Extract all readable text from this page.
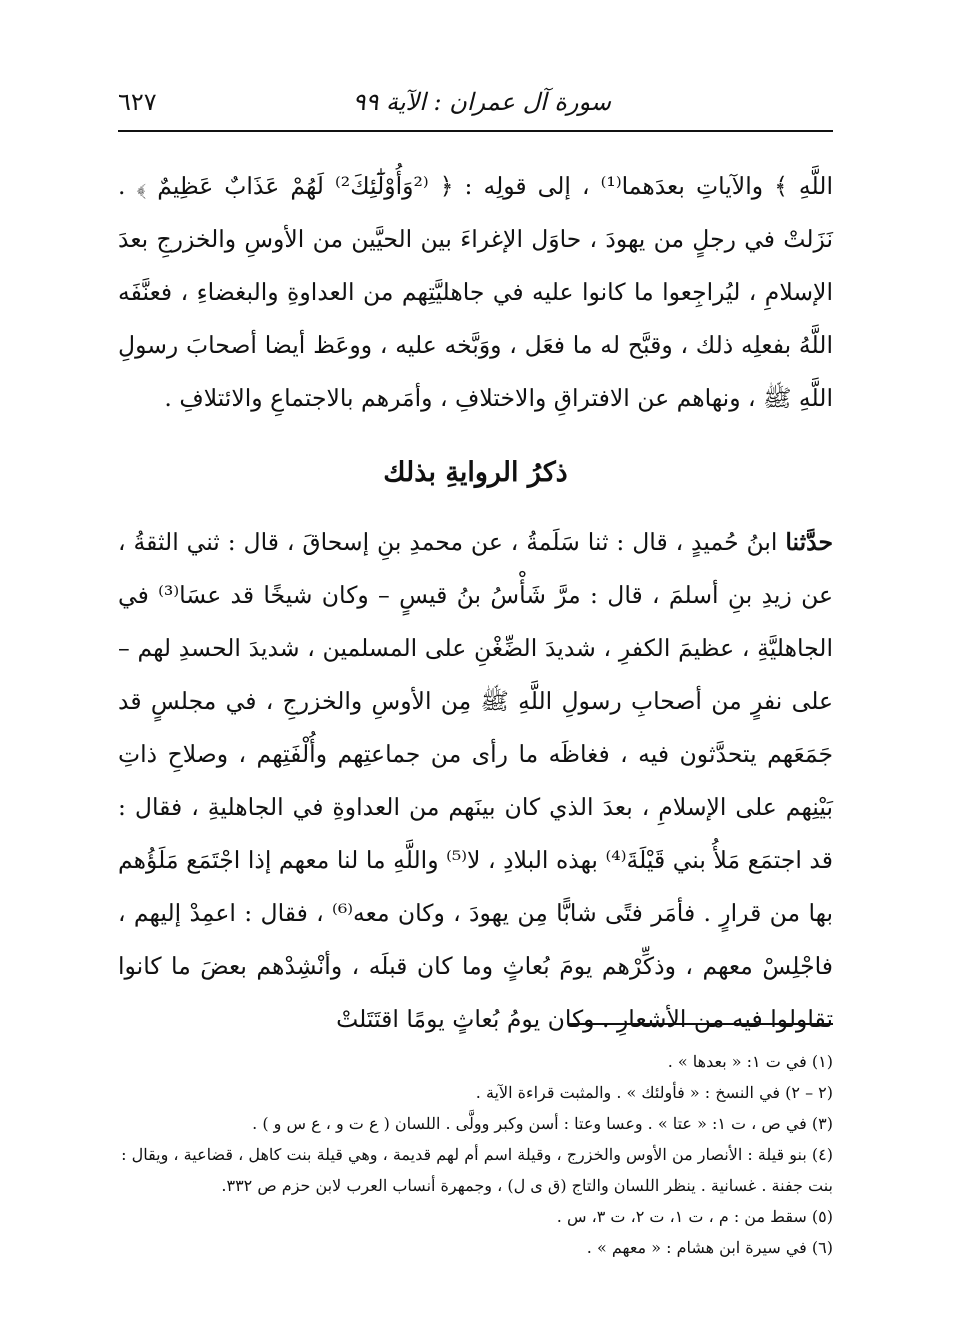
٦٢٧	سورة آل عمران : الآية ٩٩

اللَّهِ ﴾ والآياتِ بعدَهما⁽¹⁾ ، إلى قولِه : ﴿ ⁽²وَأُوْلَٰٓئِكَ²⁾ لَهُمْ عَذَابٌ عَظِيمٌ ﴾ . نَزَلتْ في رجلٍ من يهودَ ، حاوَل الإغراءَ بين الحيَّين من الأوسِ والخزرجِ بعدَ الإسلامِ ، ليُراجِعوا ما كانوا عليه في جاهليَّتِهم من العداوةِ والبغضاءِ ، فعنَّفَه اللَّهُ بفعلِه ذلك ، وقبَّح له ما فعَل ، ووَبَّخه عليه ، ووعَظ أيضا أصحابَ رسولِ اللَّهِ ﷺ ، ونهاهم عن الافتراقِ والاختلافِ ، وأمَرهم بالاجتماعِ والائتلافِ .

ذكرُ الروايةِ بذلك

حدَّثنا ابنُ حُميدٍ ، قال : ثنا سَلَمةُ ، عن محمدِ بنِ إسحاقَ ، قال : ثني الثقةُ ، عن زيدِ بنِ أسلمَ ، قال : مرَّ شَأْسُ بنُ قيسٍ – وكان شيخًا قد عسَا⁽³⁾ في الجاهليَّةِ ، عظيمَ الكفرِ ، شديدَ الضِّغْنِ على المسلمين ، شديدَ الحسدِ لهم – على نفرٍ من أصحابِ رسولِ اللَّهِ ﷺ مِن الأوسِ والخزرجِ ، في مجلسٍ قد جَمَعَهم يتحدَّثون فيه ، فغاظَه ما رأى من جماعتِهم وأُلْفَتِهم ، وصلاحِ ذاتِ بَيْنِهم على الإسلامِ ، بعدَ الذي كان بينَهم من العداوةِ في الجاهليةِ ، فقال : قد اجتمَع مَلأُ بني قَيْلَةَ⁽⁴⁾ بهذه البلادِ ، لا⁽⁵⁾ واللَّهِ ما لنا معهم إذا اجْتَمَع مَلَؤُهم بها من قرارٍ . فأمَر فتًى شابًّا مِن يهودَ ، وكان معه⁽⁶⁾ ، فقال : اعمِدْ إليهم ، فاجْلِسْ معهم ، وذكِّرْهم يومَ بُعاثٍ وما كان قبلَه ، وأنْشِدْهم بعضَ ما كانوا تقاولوا فيه من الأشعارِ . وكان يومُ بُعاثٍ يومًا اقتَتَلتْ

(١) في ت ١: « بعدها » .

(٢ – ٢) في النسخ : « فأولئك » . والمثبت قراءة الآية .

(٣) في ص ، ت ١: « عتا » . وعسا وعتا : أسن وكبر وولَّى . اللسان ( ع ت و ، ع س و ) .

(٤) بنو قيلة : الأنصار من الأوس والخزرج ، وقيلة اسم أم لهم قديمة ، وهي قيلة بنت كاهل ، قضاعية ، ويقال :

بنت جفنة . غسانية . ينظر اللسان والتاج (ق ى ل) ، وجمهرة أنساب العرب لابن حزم ص ٣٣٢.

(٥) سقط من : م ، ت ١، ت ٢، ت ٣، س .

(٦) في سيرة ابن هشام : « معهم » .
